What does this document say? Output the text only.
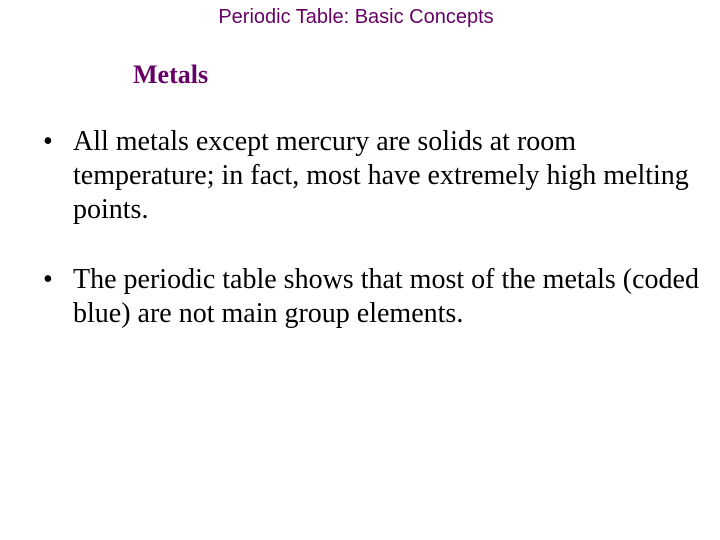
Periodic Table: Basic Concepts
Metals
• All metals except mercury are solids at room temperature; in fact, most have extremely high melting points.
• The periodic table shows that most of the metals (coded blue) are not main group elements.
